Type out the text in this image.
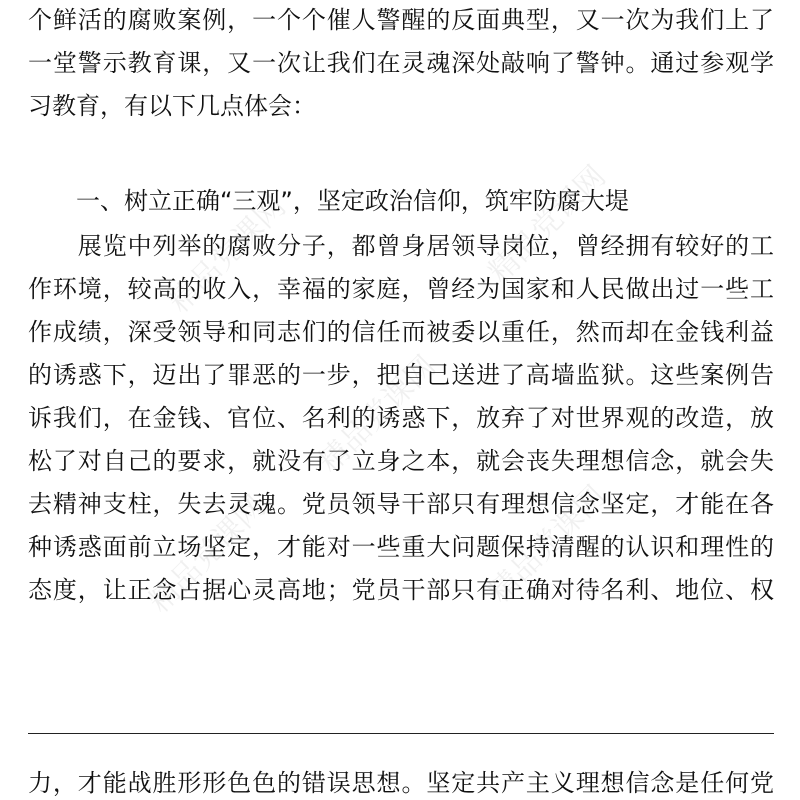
精品党课网	精品党课网
精品党课网
精品党课网	精品党课网
个鲜活的腐败案例，一个个催人警醒的反面典型，又一次为我们上了
一堂警示教育课，又一次让我们在灵魂深处敲响了警钟。通过参观学
习教育，有以下几点体会：
一、树立正确“三观”，坚定政治信仰，筑牢防腐大堤
　　展览中列举的腐败分子，都曾身居领导岗位，曾经拥有较好的工
作环境，较高的收入，幸福的家庭，曾经为国家和人民做出过一些工
作成绩，深受领导和同志们的信任而被委以重任，然而却在金钱利益
的诱惑下，迈出了罪恶的一步，把自己送进了高墙监狱。这些案例告
诉我们，在金钱、官位、名利的诱惑下，放弃了对世界观的改造，放
松了对自己的要求，就没有了立身之本，就会丧失理想信念，就会失
去精神支柱，失去灵魂。党员领导干部只有理想信念坚定，才能在各
种诱惑面前立场坚定，才能对一些重大问题保持清醒的认识和理性的
态度，让正念占据心灵高地；党员干部只有正确对待名利、地位、权
力，才能战胜形形色色的错误思想。坚定共产主义理想信念是任何党
